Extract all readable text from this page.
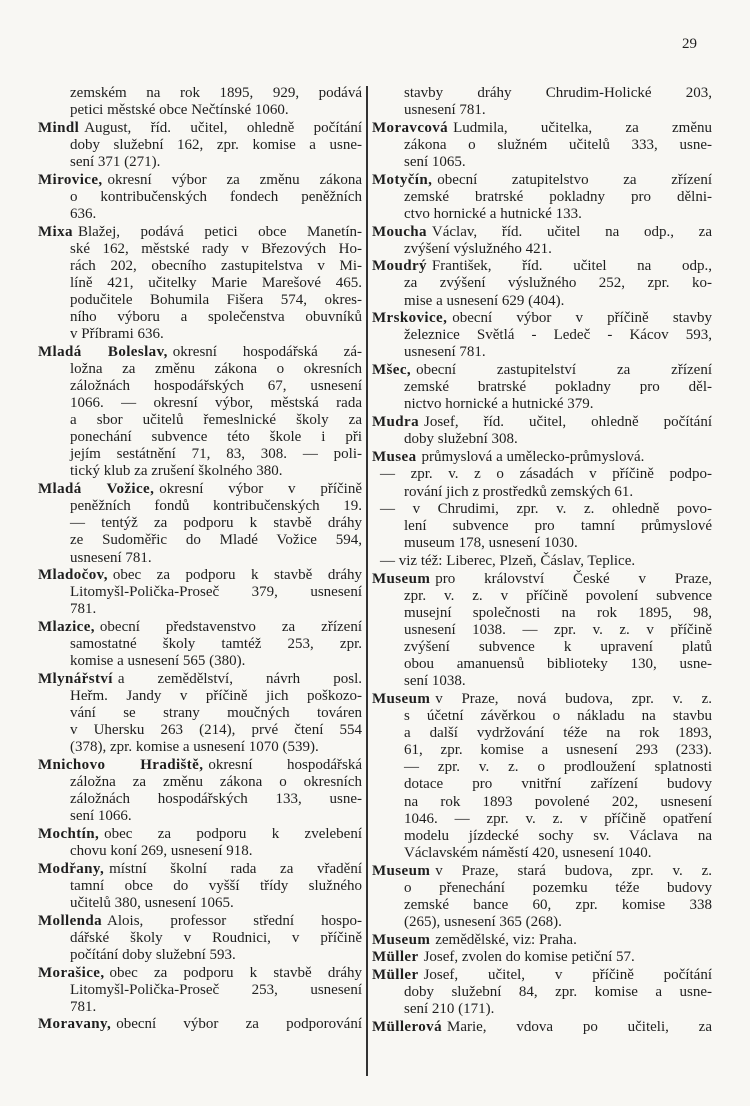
29
zemském na rok 1895, 929, podává
petici městské obce Nečtínské 1060.
Mindl August, říd. učitel, ohledně počítání
doby služební 162, zpr. komise a usne-
sení 371 (271).
Mirovice, okresní výbor za změnu zákona
o kontribučenských fondech peněžních
636.
Mixa Blažej, podává petici obce Manetín-
ské 162, městské rady v Březových Ho-
rách 202, obecního zastupitelstva v Mi-
líně 421, učitelky Marie Marešové 465.
podučitele Bohumila Fišera 574, okres-
ního výboru a společenstva obuvníků
v Příbrami 636.
Mladá Boleslav, okresní hospodářská zá-
ložna za změnu zákona o okresních
záložnách hospodářských 67, usnesení
1066. — okresní výbor, městská rada
a sbor učitelů řemeslnické školy za
ponechání subvence této škole i při
jejím sestátnění 71, 83, 308. — poli-
tický klub za zrušení školného 380.
Mladá Vožice, okresní výbor v příčině
peněžních fondů kontribučenských 19.
— tentýž za podporu k stavbě dráhy
ze Sudoměřic do Mladé Vožice 594,
usnesení 781.
Mladočov, obec za podporu k stavbě dráhy
Litomyšl-Polička-Proseč 379, usnesení
781.
Mlazice, obecní představenstvo za zřízení
samostatné školy tamtéž 253, zpr.
komise a usnesení 565 (380).
Mlynářství a zemědělství, návrh posl.
Heřm. Jandy v příčině jich poškozo-
vání se strany moučných továren
v Uhersku 263 (214), prvé čtení 554
(378), zpr. komise a usnesení 1070 (539).
Mnichovo Hradiště, okresní hospodářská
záložna za změnu zákona o okresních
záložnách hospodářských 133, usne-
sení 1066.
Mochtín, obec za podporu k zvelebení
chovu koní 269, usnesení 918.
Modřany, místní školní rada za vřadění
tamní obce do vyšší třídy služného
učitelů 380, usnesení 1065.
Mollenda Alois, professor střední hospo-
dářské školy v Roudnici, v příčině
počítání doby služební 593.
Morašice, obec za podporu k stavbě dráhy
Litomyšl-Polička-Proseč 253, usnesení
781.
Moravany, obecní výbor za podporování
stavby dráhy Chrudim-Holické 203,
usnesení 781.
Moravcová Ludmila, učitelka, za změnu
zákona o služném učitelů 333, usne-
sení 1065.
Motyčín, obecní zatupitelstvo za zřízení
zemské bratrské pokladny pro dělni-
ctvo hornické a hutnické 133.
Moucha Václav, říd. učitel na odp., za
zvýšení výslužného 421.
Moudrý František, říd. učitel na odp.,
za zvýšení výslužného 252, zpr. ko-
mise a usnesení 629 (404).
Mrskovice, obecní výbor v příčině stavby
železnice Světlá - Ledeč - Kácov 593,
usnesení 781.
Mšec, obecní zastupitelství za zřízení
zemské bratrské pokladny pro děl-
nictvo hornické a hutnické 379.
Mudra Josef, říd. učitel, ohledně počítání
doby služební 308.
Musea průmyslová a umělecko-průmyslová.
— zpr. v. z o zásadách v příčině podpo-
rování jich z prostředků zemských 61.
— v Chrudimi, zpr. v. z. ohledně povo-
lení subvence pro tamní průmyslové
museum 178, usnesení 1030.
— viz též: Liberec, Plzeň, Čáslav, Teplice.
Museum pro království České v Praze,
zpr. v. z. v příčině povolení subvence
musejní společnosti na rok 1895, 98,
usnesení 1038. — zpr. v. z. v příčině
zvýšení subvence k upravení platů
obou amanuensů biblioteky 130, usne-
sení 1038.
Museum v Praze, nová budova, zpr. v. z.
s účetní závěrkou o nákladu na stavbu
a další vydržování téže na rok 1893,
61, zpr. komise a usnesení 293 (233).
— zpr. v. z. o prodloužení splatnosti
dotace pro vnitřní zařízení budovy
na rok 1893 povolené 202, usnesení
1046. — zpr. v. z. v příčině opatření
modelu jízdecké sochy sv. Václava na
Václavském náměstí 420, usnesení 1040.
Museum v Praze, stará budova, zpr. v. z.
o přenechání pozemku téže budovy
zemské bance 60, zpr. komise 338
(265), usnesení 365 (268).
Museum zemědělské, viz: Praha.
Müller Josef, zvolen do komise petiční 57.
Müller Josef, učitel, v příčině počítání
doby služební 84, zpr. komise a usne-
sení 210 (171).
Müllerová Marie, vdova po učiteli, za
